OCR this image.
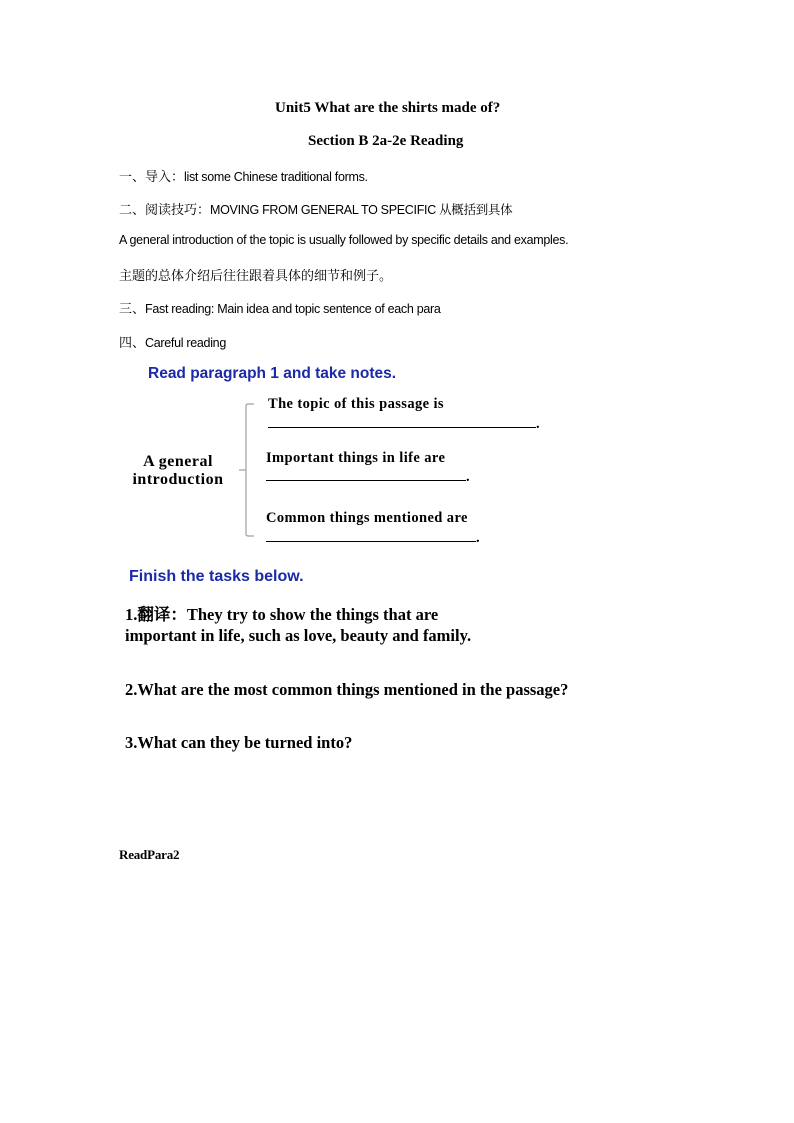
Unit5 What are the shirts made of?
Section B 2a-2e Reading
一、导入：list some Chinese traditional forms.
二、阅读技巧：MOVING FROM GENERAL TO SPECIFIC 从概括到具体
A general introduction of the topic is usually followed by specific details and examples.
主题的总体介绍后往往跟着具体的细节和例子。
三、Fast reading: Main idea and topic sentence of each para
四、Careful reading
Read paragraph 1 and take notes.
A general
introduction
The topic of this passage is
.
Important things in life are
.
Common things mentioned are
.
Finish the tasks below.
1.翻译：They try to show the things that are
important in life, such as love, beauty and family.
2.What are the most common things mentioned in the passage?
3.What can they be turned into?
ReadPara2
